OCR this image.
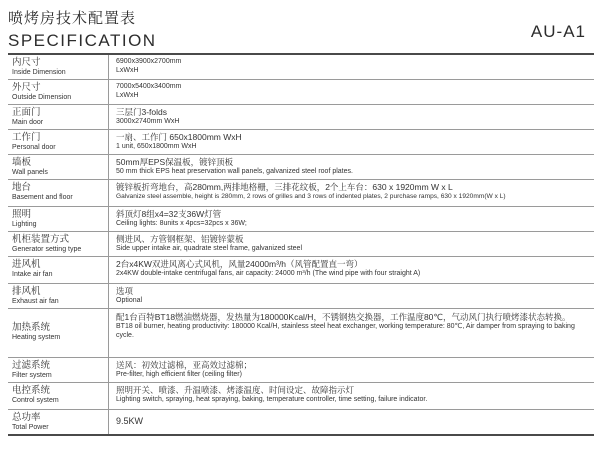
喷烤房技术配置表
SPECIFICATION	AU-A1
内尺寸
Inside Dimension
6900x3900x2700mm
LxWxH
外尺寸
Outside Dimension
7000x5400x3400mm
LxWxH
正面门
Main door
三层门3-folds
3000x2740mm WxH
工作门
Personal door
一扇、工作门 650x1800mm WxH
1 unit, 650x1800mm WxH
墙板
Wall panels
50mm厚EPS保温板，镀锌顶板
50 mm thick EPS heat preservation wall panels, galvanized steel roof plates.
地台
Basement and floor
镀锌板折弯地台，高280mm,两排地格栅，三排花纹板，2个上车台：630 x 1920mm W x L
Galvanize steel assemble, height is 280mm, 2 rows of grilles and 3 rows of indented plates, 2 purchase ramps, 630 x 1920mm(W x L)
照明
Lighting
斜顶灯8组x4=32支36W灯管
Ceiling lights: 8units x 4pcs=32pcs x 36W;
机柜装置方式
Generator setting type
侧进风、方管钢框架、铝镀锌蒙板
Side upper intake air, quadrate steel frame, galvanized steel
进风机
Intake air fan
2台x4KW双进风离心式风机，风量24000m³/h（风管配置直一弯）
2x4KW double-intake centrifugal fans, air capacity: 24000 m³/h (The wind pipe with four straight A)
排风机
Exhaust air fan
选项
Optional
加热系统
Heating system
配1台百特BT18燃油燃烧器，发热量为180000Kcal/H，不锈钢热交换器，工作温度80℃，气动风门执行喷烤漆状态转换。
BT18 oil burner, heating productivity: 180000 Kcal/H, stainless steel heat exchanger, working temperature: 80℃, Air damper from spraying to baking cycle.
过滤系统
Filter system
送风：初效过滤棉，亚高效过滤棉；
Pre-filter, high efficient filter (ceiling filter)
电控系统
Control system
照明开关、喷漆、升温喷漆、烤漆温度、时间设定、故障指示灯
Lighting switch, spraying, heat spraying, baking, temperature controller, time setting, failure indicator.
总功率
Total Power
9.5KW
